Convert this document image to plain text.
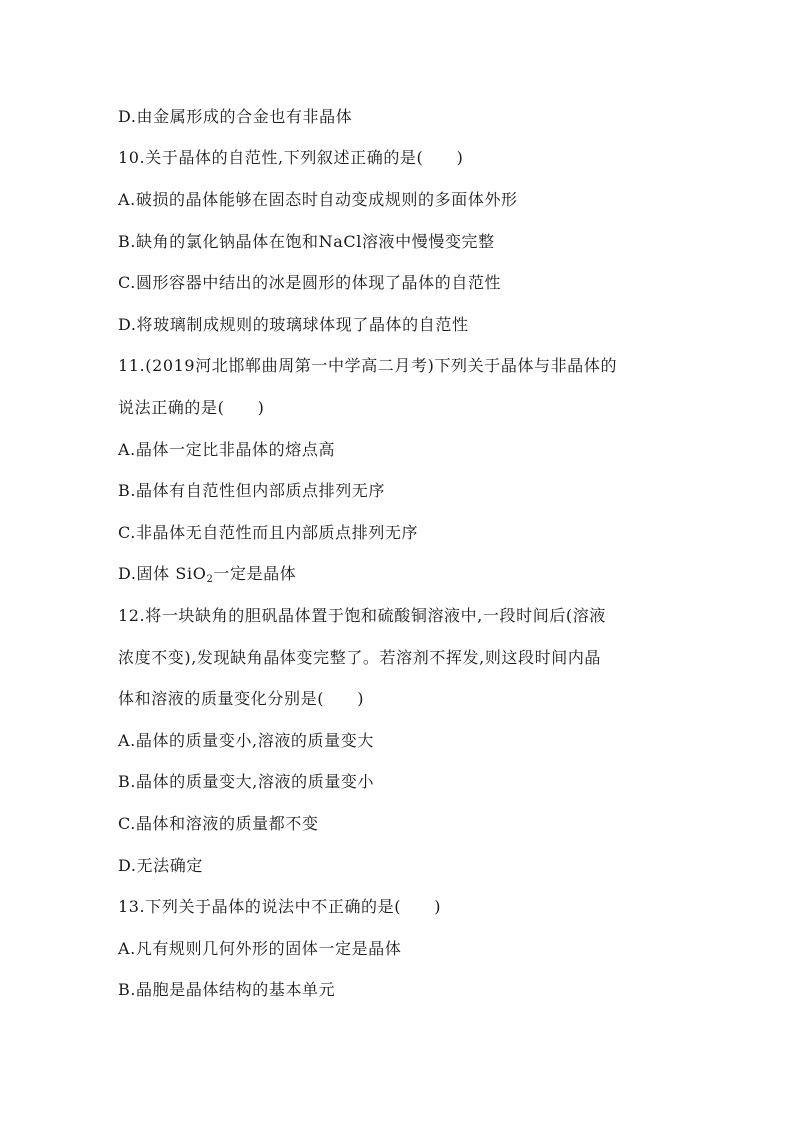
D.由金属形成的合金也有非晶体
10.关于晶体的自范性,下列叙述正确的是(　　)
A.破损的晶体能够在固态时自动变成规则的多面体外形
B.缺角的氯化钠晶体在饱和NaCl溶液中慢慢变完整
C.圆形容器中结出的冰是圆形的体现了晶体的自范性
D.将玻璃制成规则的玻璃球体现了晶体的自范性
11.(2019河北邯郸曲周第一中学高二月考)下列关于晶体与非晶体的
说法正确的是(　　)
A.晶体一定比非晶体的熔点高
B.晶体有自范性但内部质点排列无序
C.非晶体无自范性而且内部质点排列无序
D.固体 SiO$_2$一定是晶体
12.将一块缺角的胆矾晶体置于饱和硫酸铜溶液中,一段时间后(溶液
浓度不变),发现缺角晶体变完整了。若溶剂不挥发,则这段时间内晶
体和溶液的质量变化分别是(　　)
A.晶体的质量变小,溶液的质量变大
B.晶体的质量变大,溶液的质量变小
C.晶体和溶液的质量都不变
D.无法确定
13.下列关于晶体的说法中不正确的是(　　)
A.凡有规则几何外形的固体一定是晶体
B.晶胞是晶体结构的基本单元
